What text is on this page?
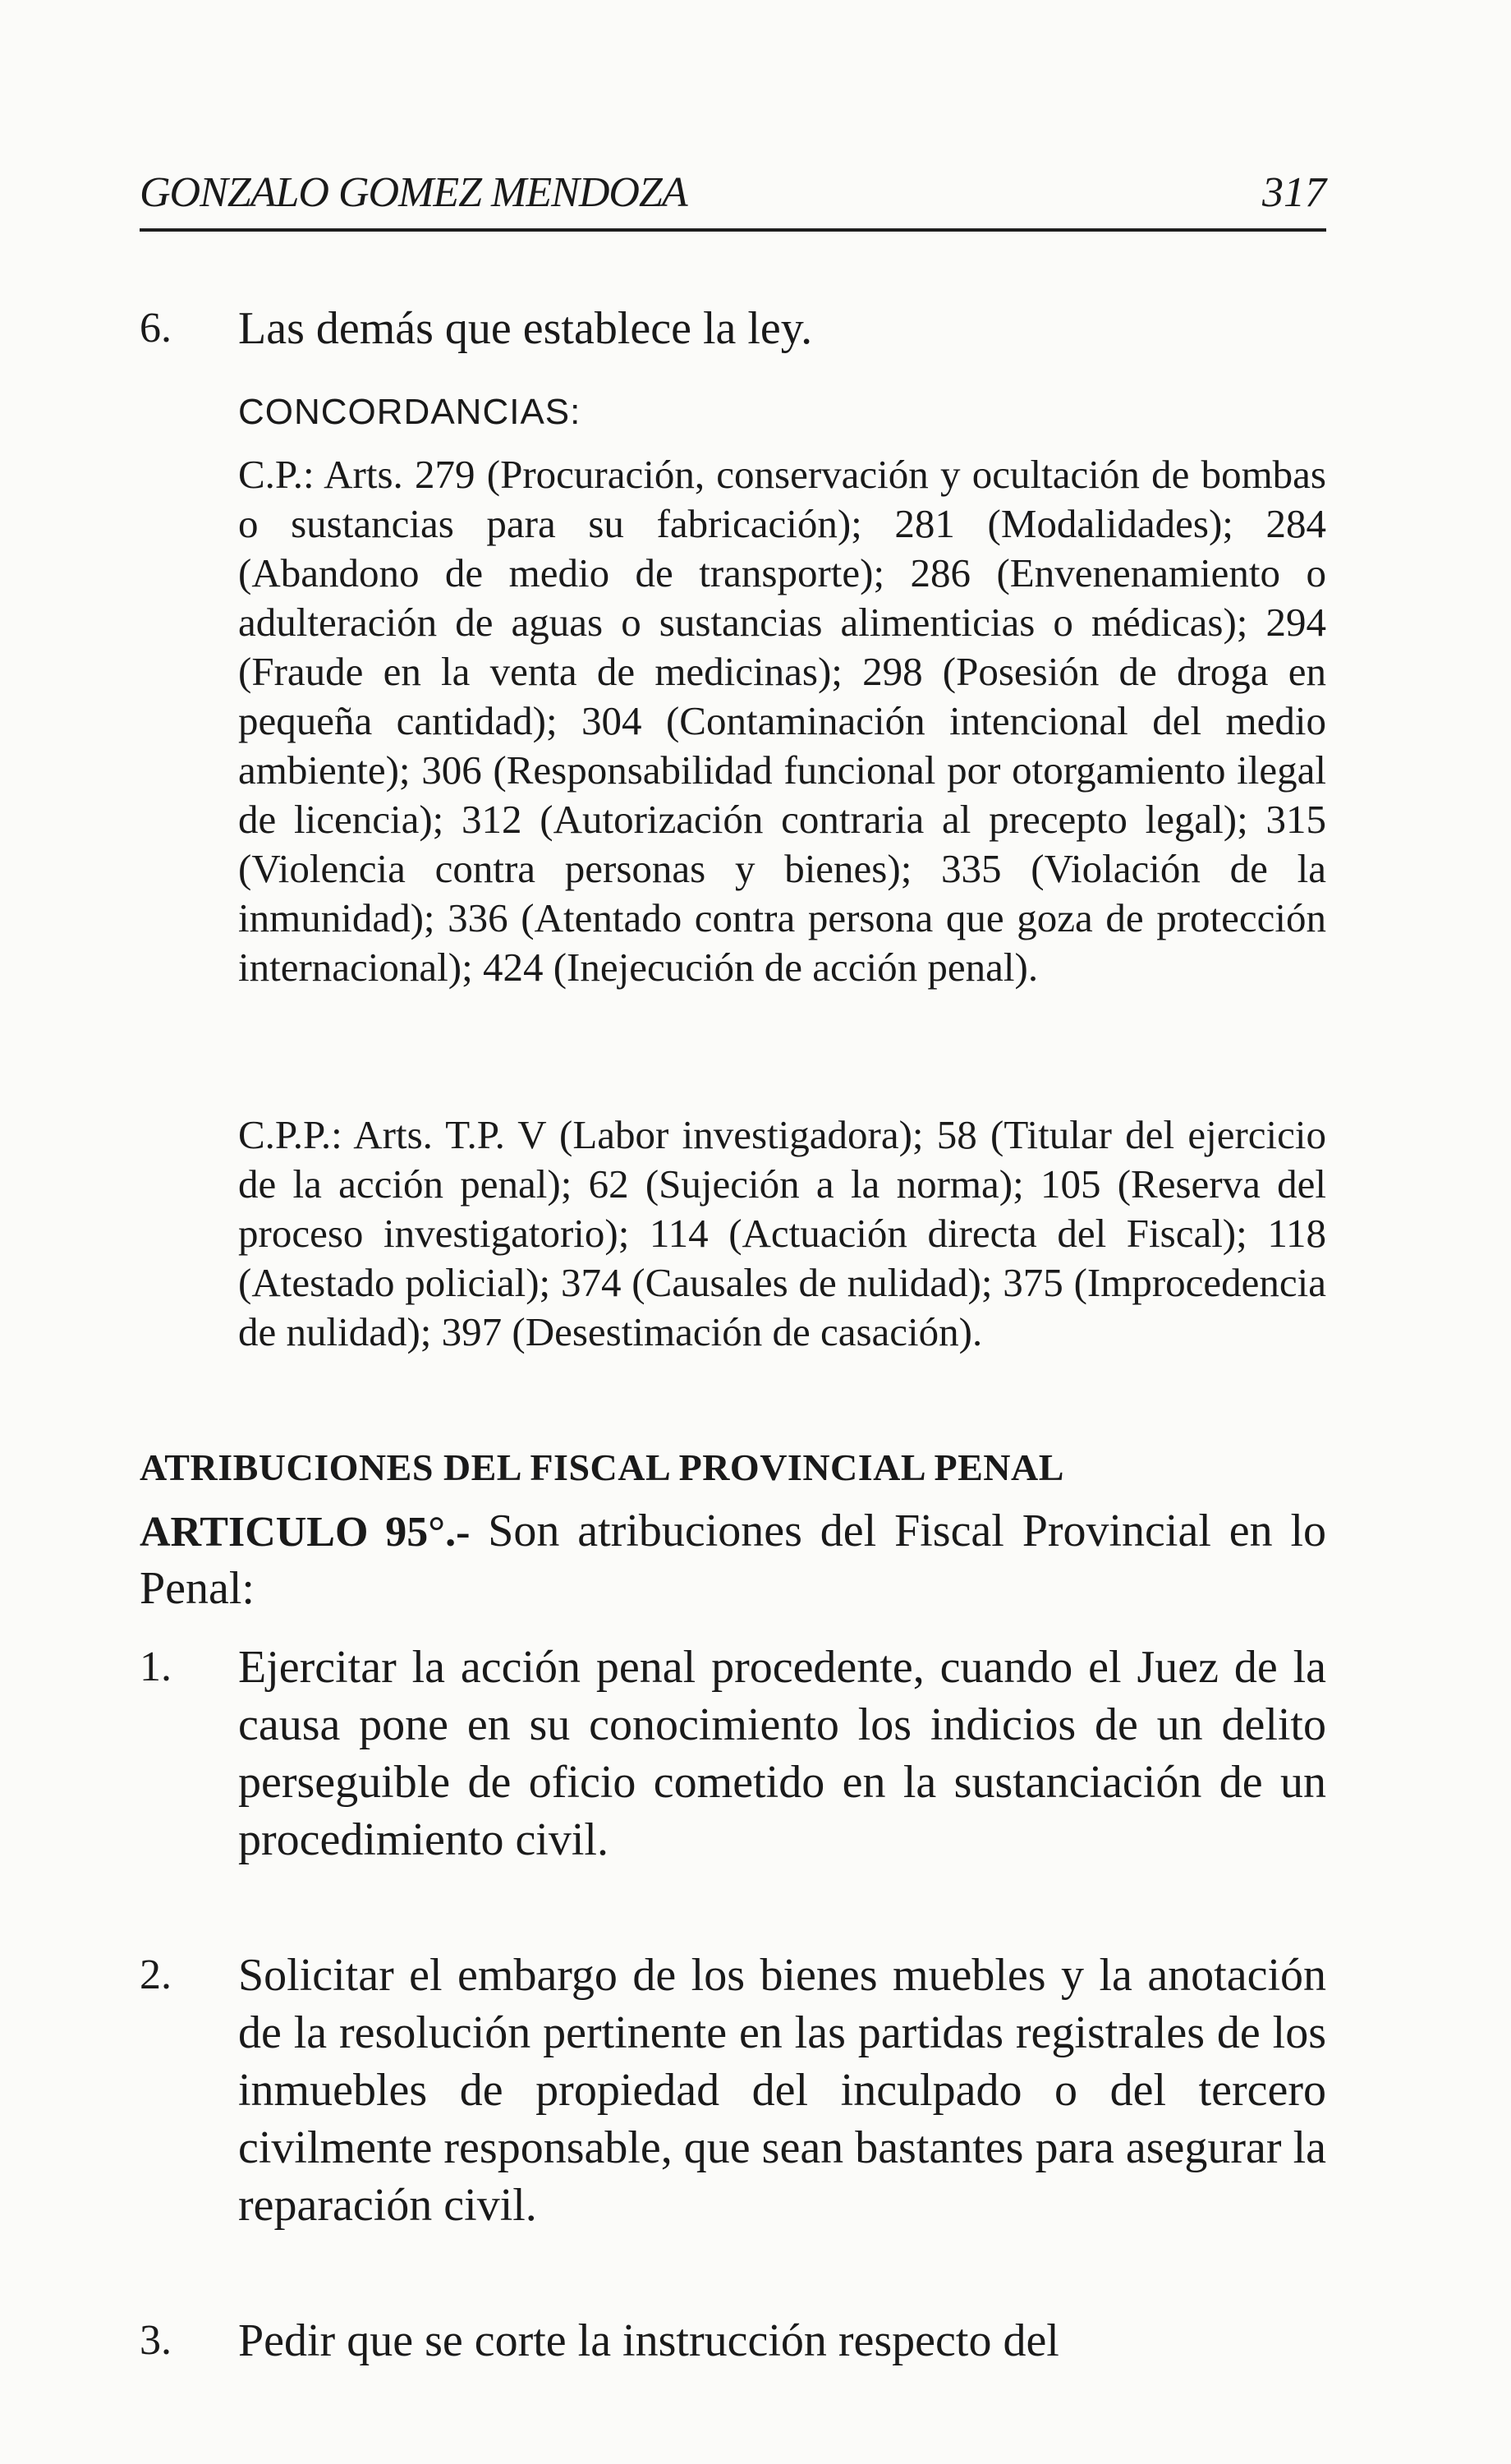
GONZALO GOMEZ MENDOZA	317
6. Las demás que establece la ley.
CONCORDANCIAS:
C.P.: Arts. 279 (Procuración, conservación y ocultación de bombas o sustancias para su fabricación); 281 (Modalidades); 284 (Abandono de medio de transporte); 286 (Envenenamiento o adulteración de aguas o sustancias alimenticias o médicas); 294 (Fraude en la venta de medicinas); 298 (Posesión de droga en pequeña cantidad); 304 (Contaminación intencional del medio ambiente); 306 (Responsabilidad funcional por otorgamiento ilegal de licencia); 312 (Autorización contraria al precepto legal); 315 (Violencia contra personas y bienes); 335 (Violación de la inmunidad); 336 (Atentado contra persona que goza de protección internacional); 424 (Inejecución de acción penal).
C.P.P.: Arts. T.P. V (Labor investigadora); 58 (Titular del ejercicio de la acción penal); 62 (Sujeción a la norma); 105 (Reserva del proceso investigatorio); 114 (Actuación directa del Fiscal); 118 (Atestado policial); 374 (Causales de nulidad); 375 (Improcedencia de nulidad); 397 (Desestimación de casación).
ATRIBUCIONES DEL FISCAL PROVINCIAL PENAL
ARTICULO 95°.- Son atribuciones del Fiscal Provincial en lo Penal:
1. Ejercitar la acción penal procedente, cuando el Juez de la causa pone en su conocimiento los indicios de un delito perseguible de oficio cometido en la sustanciación de un procedimiento civil.
2. Solicitar el embargo de los bienes muebles y la anotación de la resolución pertinente en las partidas registrales de los inmuebles de propiedad del inculpado o del tercero civilmente responsable, que sean bastantes para asegurar la reparación civil.
3. Pedir que se corte la instrucción respecto del
